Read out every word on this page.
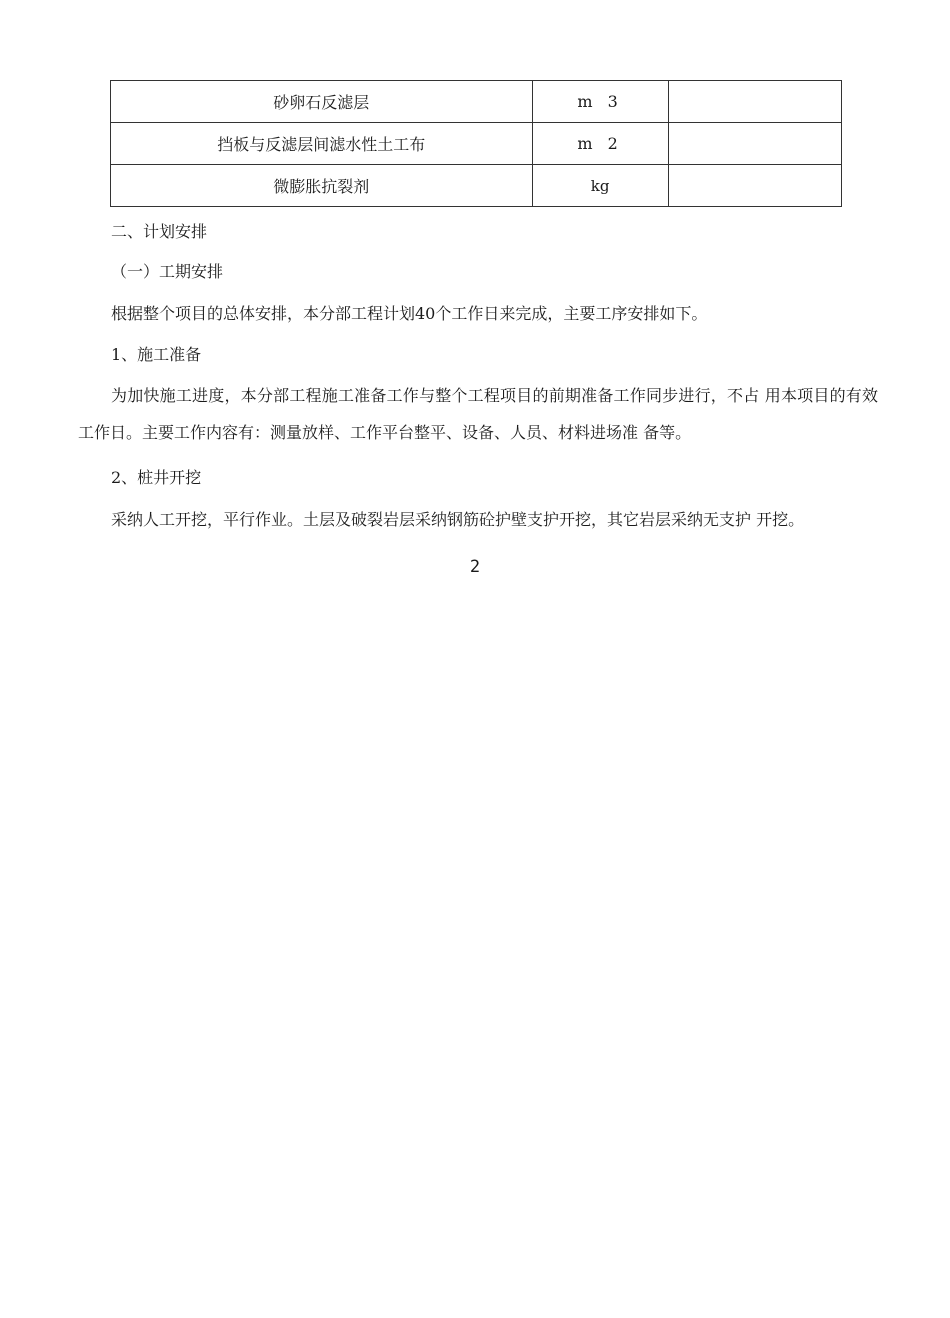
砂卵石反滤层	m 3	
挡板与反滤层间滤水性土工布	m 2	
微膨胀抗裂剂	kg	

二、计划安排

（一）工期安排

根据整个项目的总体安排，本分部工程计划40个工作日来完成，主要工序安排如下。

1、施工准备

为加快施工进度，本分部工程施工准备工作与整个工程项目的前期准备工作同步进行，不占 用本项目的有效工作日。主要工作内容有：测量放样、工作平台整平、设备、人员、材料进场准 备等。

2、桩井开挖

采纳人工开挖，平行作业。土层及破裂岩层采纳钢筋砼护壁支护开挖，其它岩层采纳无支护 开挖。

2
